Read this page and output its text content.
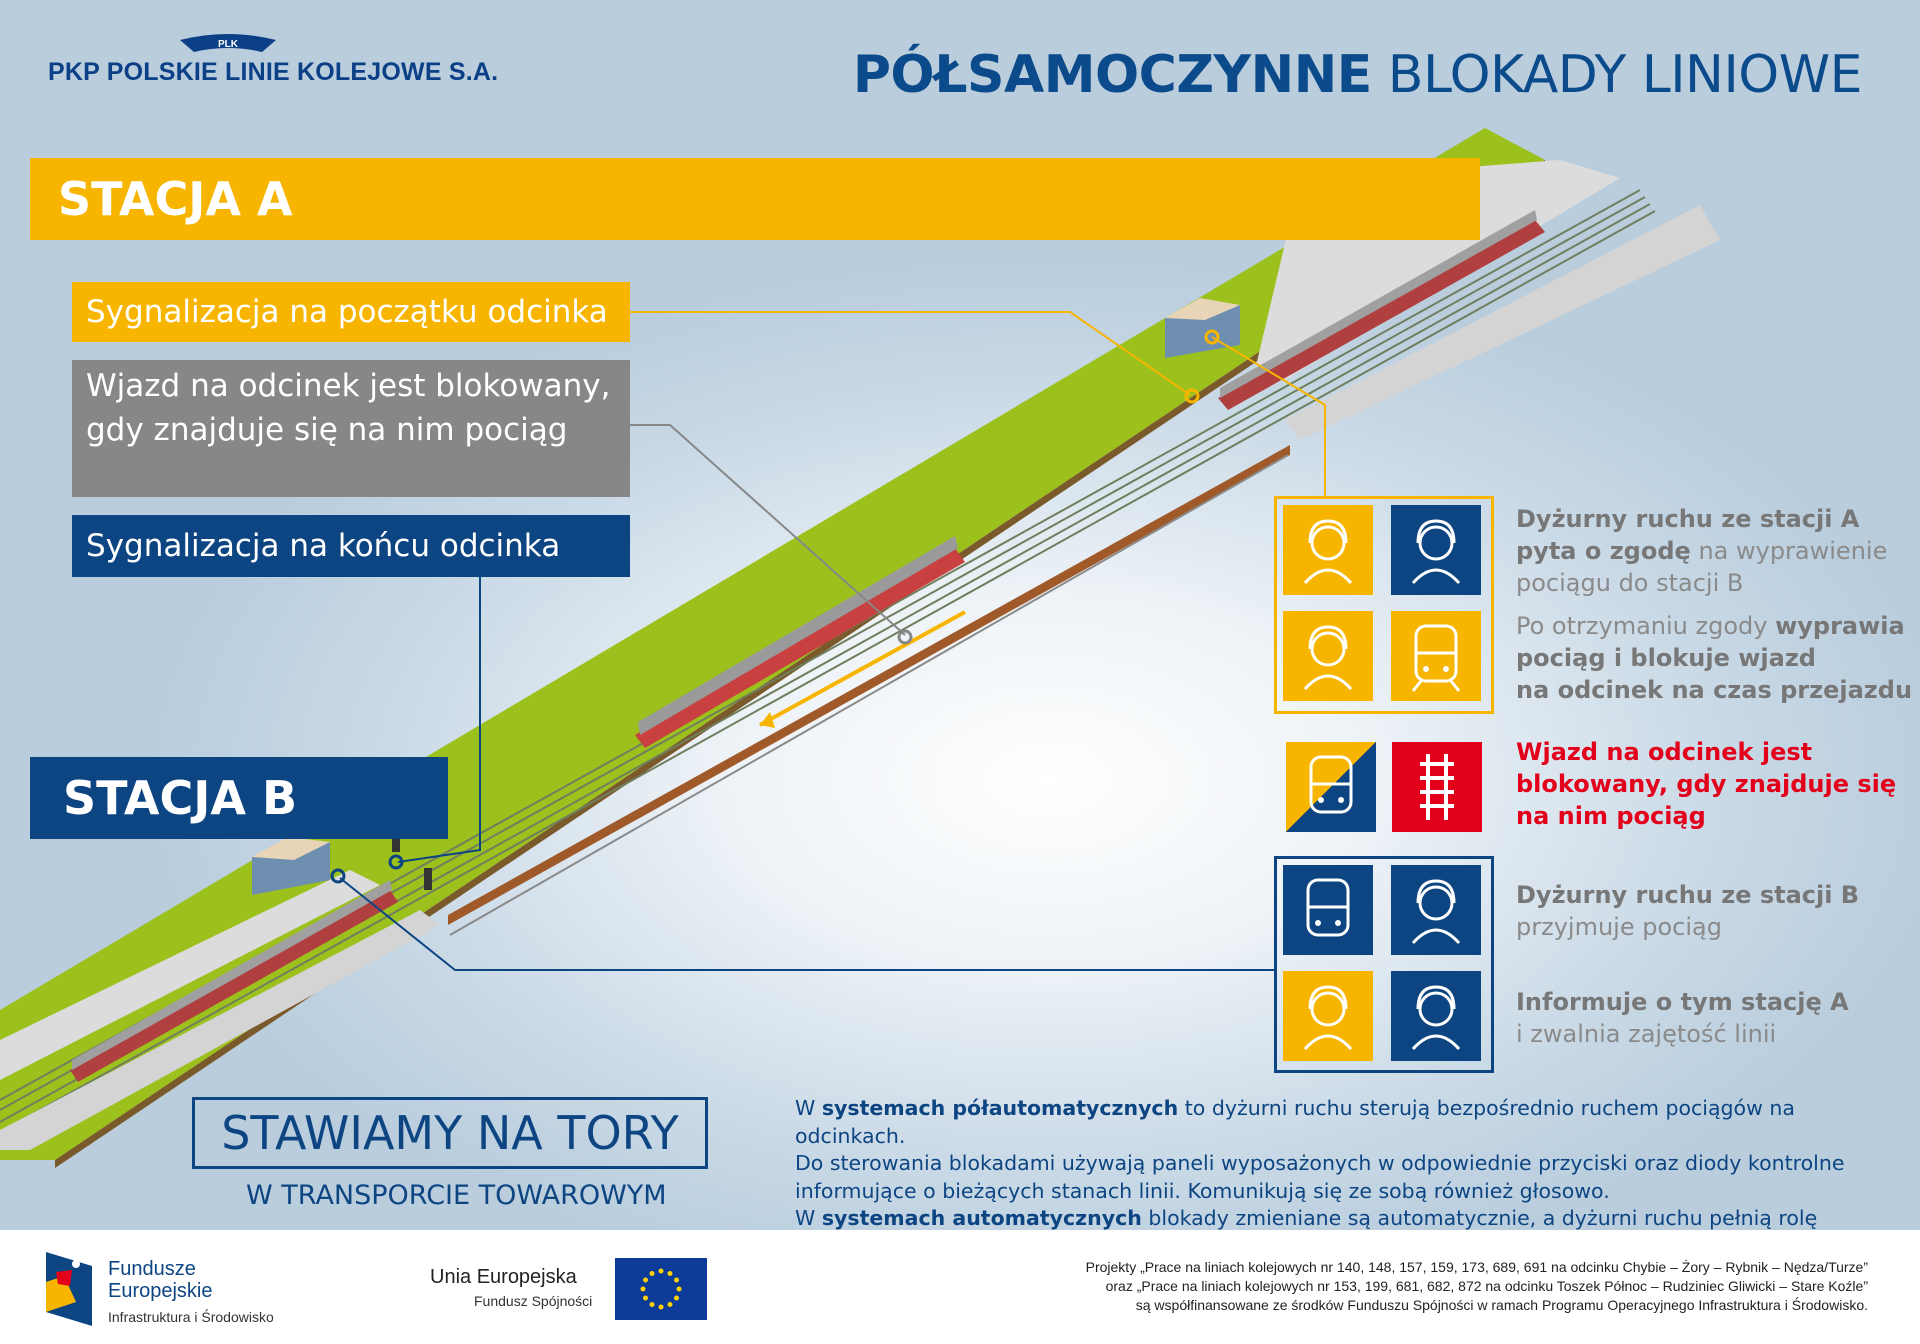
PLK
PKP POLSKIE LINIE KOLEJOWE S.A.	PÓŁSAMOCZYNNE BLOKADY LINIOWE
STACJA A
STACJA B
Sygnalizacja na początku odcinka
Wjazd na odcinek jest blokowany,
gdy znajduje się na nim pociąg
Sygnalizacja na końcu odcinka
Dyżurny ruchu ze stacji A
pyta o zgodę na wyprawienie
pociągu do stacji B
Po otrzymaniu zgody wyprawia
pociąg i blokuje wjazd
na odcinek na czas przejazdu
Wjazd na odcinek jest
blokowany, gdy znajduje się
na nim pociąg
Dyżurny ruchu ze stacji B
przyjmuje pociąg
Informuje o tym stację A
i zwalnia zajętość linii
STAWIAMY NA TORY
W TRANSPORCIE TOWAROWYM
W systemach półautomatycznych to dyżurni ruchu sterują bezpośrednio ruchem pociągów na odcinkach.
Do sterowania blokadami używają paneli wyposażonych w odpowiednie przyciski oraz diody kontrolne
informujące o bieżących stanach linii. Komunikują się ze sobą również głosowo.
W systemach automatycznych blokady zmieniane są automatycznie, a dyżurni ruchu pełnią rolę
Fundusze
Europejskie
Infrastruktura i Środowisko
Unia Europejska
Fundusz Spójności
Projekty „Prace na liniach kolejowych nr 140, 148, 157, 159, 173, 689, 691 na odcinku Chybie – Żory – Rybnik – Nędza/Turze”
oraz „Prace na liniach kolejowych nr 153, 199, 681, 682, 872 na odcinku Toszek Północ – Rudziniec Gliwicki – Stare Koźle”
są współfinansowane ze środków Funduszu Spójności w ramach Programu Operacyjnego Infrastruktura i Środowisko.
